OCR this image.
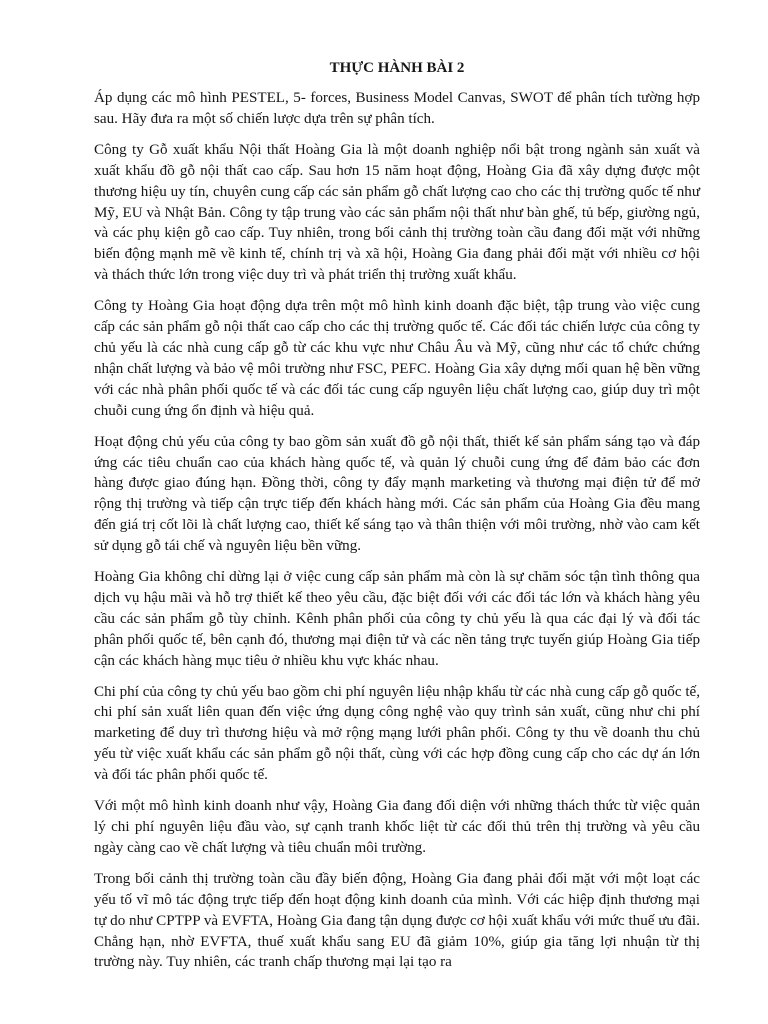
THỰC HÀNH BÀI 2

Áp dụng các mô hình PESTEL, 5- forces, Business Model Canvas, SWOT để phân tích tường hợp sau. Hãy đưa ra một số chiến lược dựa trên sự phân tích.

Công ty Gỗ xuất khẩu Nội thất Hoàng Gia là một doanh nghiệp nổi bật trong ngành sản xuất và xuất khẩu đồ gỗ nội thất cao cấp. Sau hơn 15 năm hoạt động, Hoàng Gia đã xây dựng được một thương hiệu uy tín, chuyên cung cấp các sản phẩm gỗ chất lượng cao cho các thị trường quốc tế như Mỹ, EU và Nhật Bản. Công ty tập trung vào các sản phẩm nội thất như bàn ghế, tủ bếp, giường ngủ, và các phụ kiện gỗ cao cấp. Tuy nhiên, trong bối cảnh thị trường toàn cầu đang đối mặt với những biến động mạnh mẽ về kinh tế, chính trị và xã hội, Hoàng Gia đang phải đối mặt với nhiều cơ hội và thách thức lớn trong việc duy trì và phát triển thị trường xuất khẩu.

Công ty Hoàng Gia hoạt động dựa trên một mô hình kinh doanh đặc biệt, tập trung vào việc cung cấp các sản phẩm gỗ nội thất cao cấp cho các thị trường quốc tế. Các đối tác chiến lược của công ty chủ yếu là các nhà cung cấp gỗ từ các khu vực như Châu Âu và Mỹ, cũng như các tổ chức chứng nhận chất lượng và bảo vệ môi trường như FSC, PEFC. Hoàng Gia xây dựng mối quan hệ bền vững với các nhà phân phối quốc tế và các đối tác cung cấp nguyên liệu chất lượng cao, giúp duy trì một chuỗi cung ứng ổn định và hiệu quả.

Hoạt động chủ yếu của công ty bao gồm sản xuất đồ gỗ nội thất, thiết kế sản phẩm sáng tạo và đáp ứng các tiêu chuẩn cao của khách hàng quốc tế, và quản lý chuỗi cung ứng để đảm bảo các đơn hàng được giao đúng hạn. Đồng thời, công ty đẩy mạnh marketing và thương mại điện tử để mở rộng thị trường và tiếp cận trực tiếp đến khách hàng mới. Các sản phẩm của Hoàng Gia đều mang đến giá trị cốt lõi là chất lượng cao, thiết kế sáng tạo và thân thiện với môi trường, nhờ vào cam kết sử dụng gỗ tái chế và nguyên liệu bền vững.

Hoàng Gia không chỉ dừng lại ở việc cung cấp sản phẩm mà còn là sự chăm sóc tận tình thông qua dịch vụ hậu mãi và hỗ trợ thiết kế theo yêu cầu, đặc biệt đối với các đối tác lớn và khách hàng yêu cầu các sản phẩm gỗ tùy chỉnh. Kênh phân phối của công ty chủ yếu là qua các đại lý và đối tác phân phối quốc tế, bên cạnh đó, thương mại điện tử và các nền tảng trực tuyến giúp Hoàng Gia tiếp cận các khách hàng mục tiêu ở nhiều khu vực khác nhau.

Chi phí của công ty chủ yếu bao gồm chi phí nguyên liệu nhập khẩu từ các nhà cung cấp gỗ quốc tế, chi phí sản xuất liên quan đến việc ứng dụng công nghệ vào quy trình sản xuất, cũng như chi phí marketing để duy trì thương hiệu và mở rộng mạng lưới phân phối. Công ty thu về doanh thu chủ yếu từ việc xuất khẩu các sản phẩm gỗ nội thất, cùng với các hợp đồng cung cấp cho các dự án lớn và đối tác phân phối quốc tế.

Với một mô hình kinh doanh như vậy, Hoàng Gia đang đối diện với những thách thức từ việc quản lý chi phí nguyên liệu đầu vào, sự cạnh tranh khốc liệt từ các đối thủ trên thị trường và yêu cầu ngày càng cao về chất lượng và tiêu chuẩn môi trường.

Trong bối cảnh thị trường toàn cầu đầy biến động, Hoàng Gia đang phải đối mặt với một loạt các yếu tố vĩ mô tác động trực tiếp đến hoạt động kinh doanh của mình. Với các hiệp định thương mại tự do như CPTPP và EVFTA, Hoàng Gia đang tận dụng được cơ hội xuất khẩu với mức thuế ưu đãi. Chẳng hạn, nhờ EVFTA, thuế xuất khẩu sang EU đã giảm 10%, giúp gia tăng lợi nhuận từ thị trường này. Tuy nhiên, các tranh chấp thương mại lại tạo ra
